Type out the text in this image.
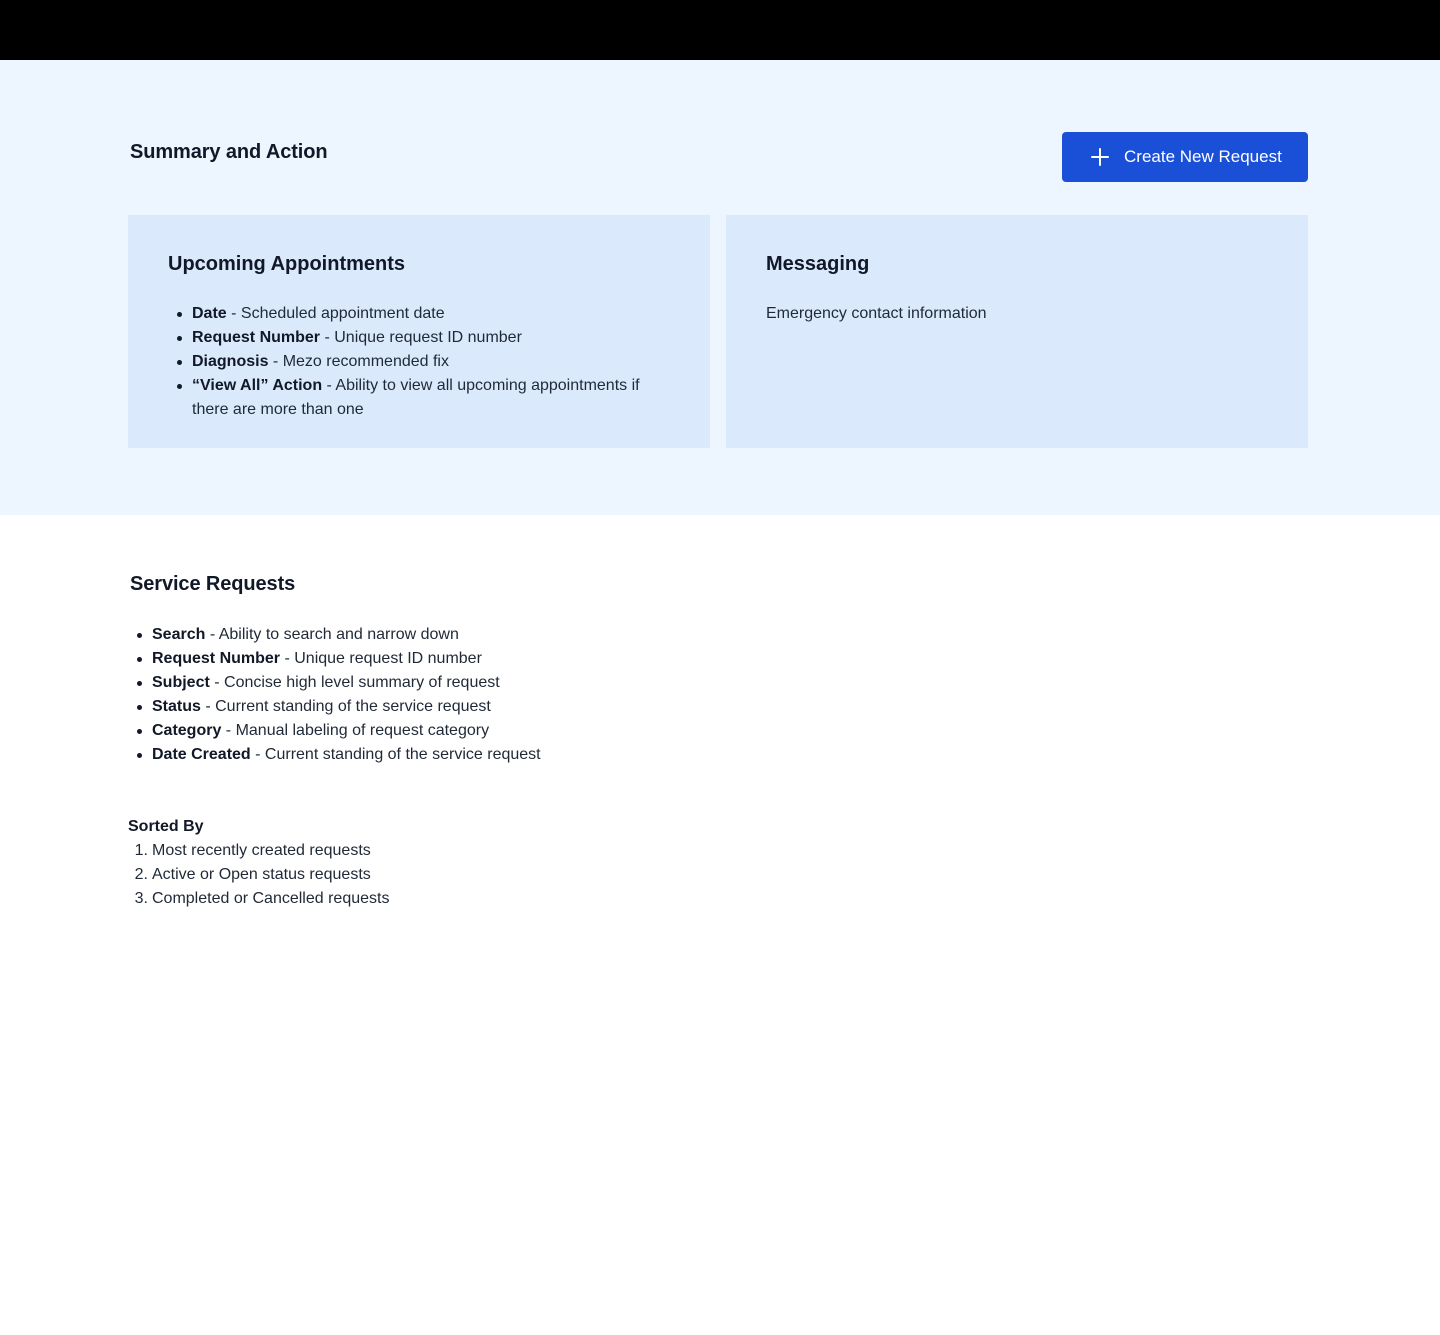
Summary and Action	Create New Request
Upcoming Appointments
Date - Scheduled appointment date
Request Number - Unique request ID number
Diagnosis - Mezo recommended fix
“View All” Action - Ability to view all upcoming appointments if there are more than one
Messaging

Emergency contact information

Service Requests
Search - Ability to search and narrow down
Request Number - Unique request ID number
Subject - Concise high level summary of request
Status - Current standing of the service request
Category - Manual labeling of request category
Date Created - Current standing of the service request
Sorted By
1. Most recently created requests
2. Active or Open status requests
3. Completed or Cancelled requests
